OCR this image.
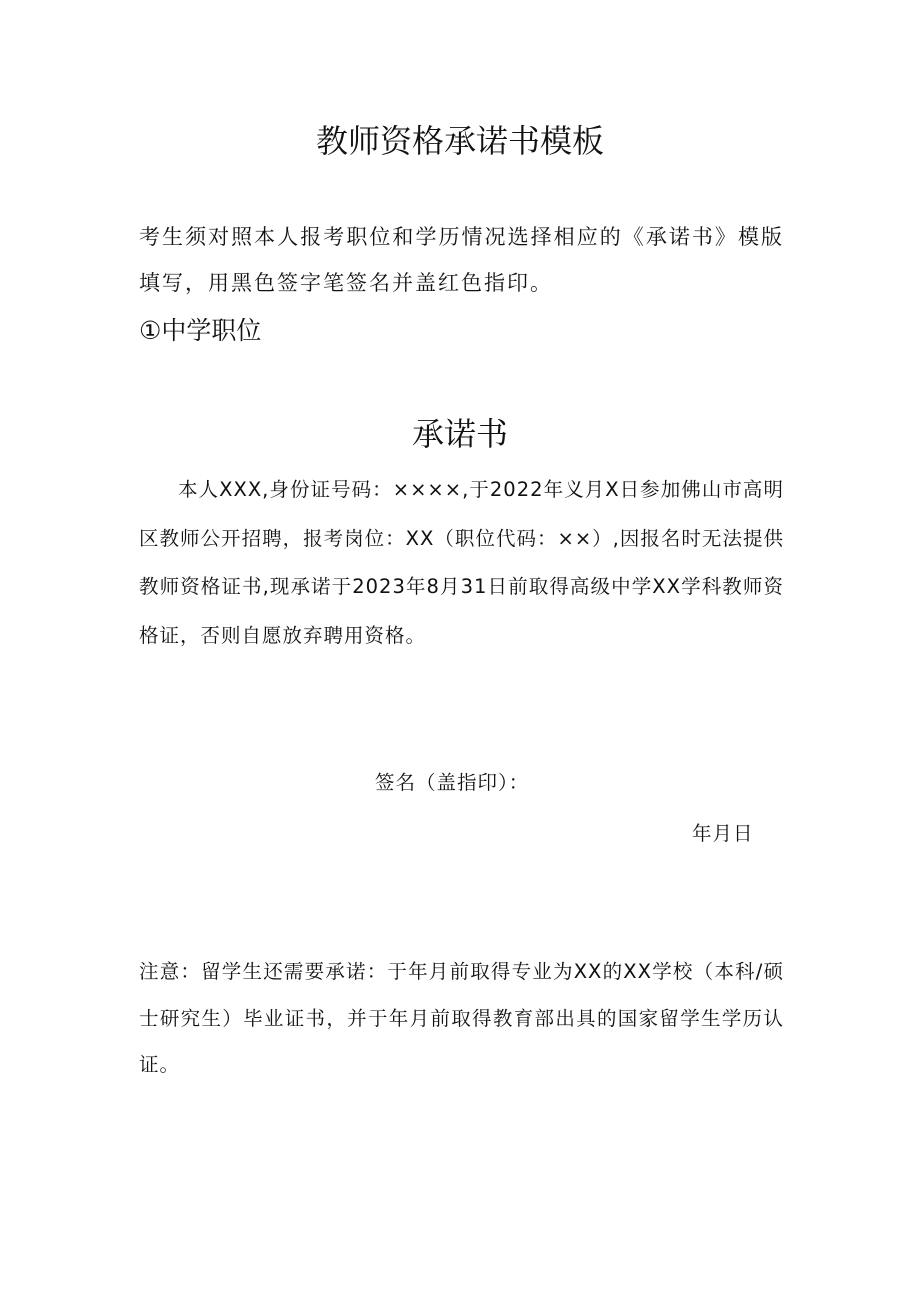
教师资格承诺书模板

考生须对照本人报考职位和学历情况选择相应的《承诺书》模版填写，用黑色签字笔签名并盖红色指印。

①中学职位

承诺书

本人XXX,身份证号码：××××,于2022年义月X日参加佛山市高明区教师公开招聘，报考岗位：XX（职位代码：××）,因报名时无法提供教师资格证书,现承诺于2023年8月31日前取得高级中学XX学科教师资格证，否则自愿放弃聘用资格。

签名（盖指印）：

年月日

注意：留学生还需要承诺：于年月前取得专业为XX的XX学校（本科/硕士研究生）毕业证书，并于年月前取得教育部出具的国家留学生学历认证。
